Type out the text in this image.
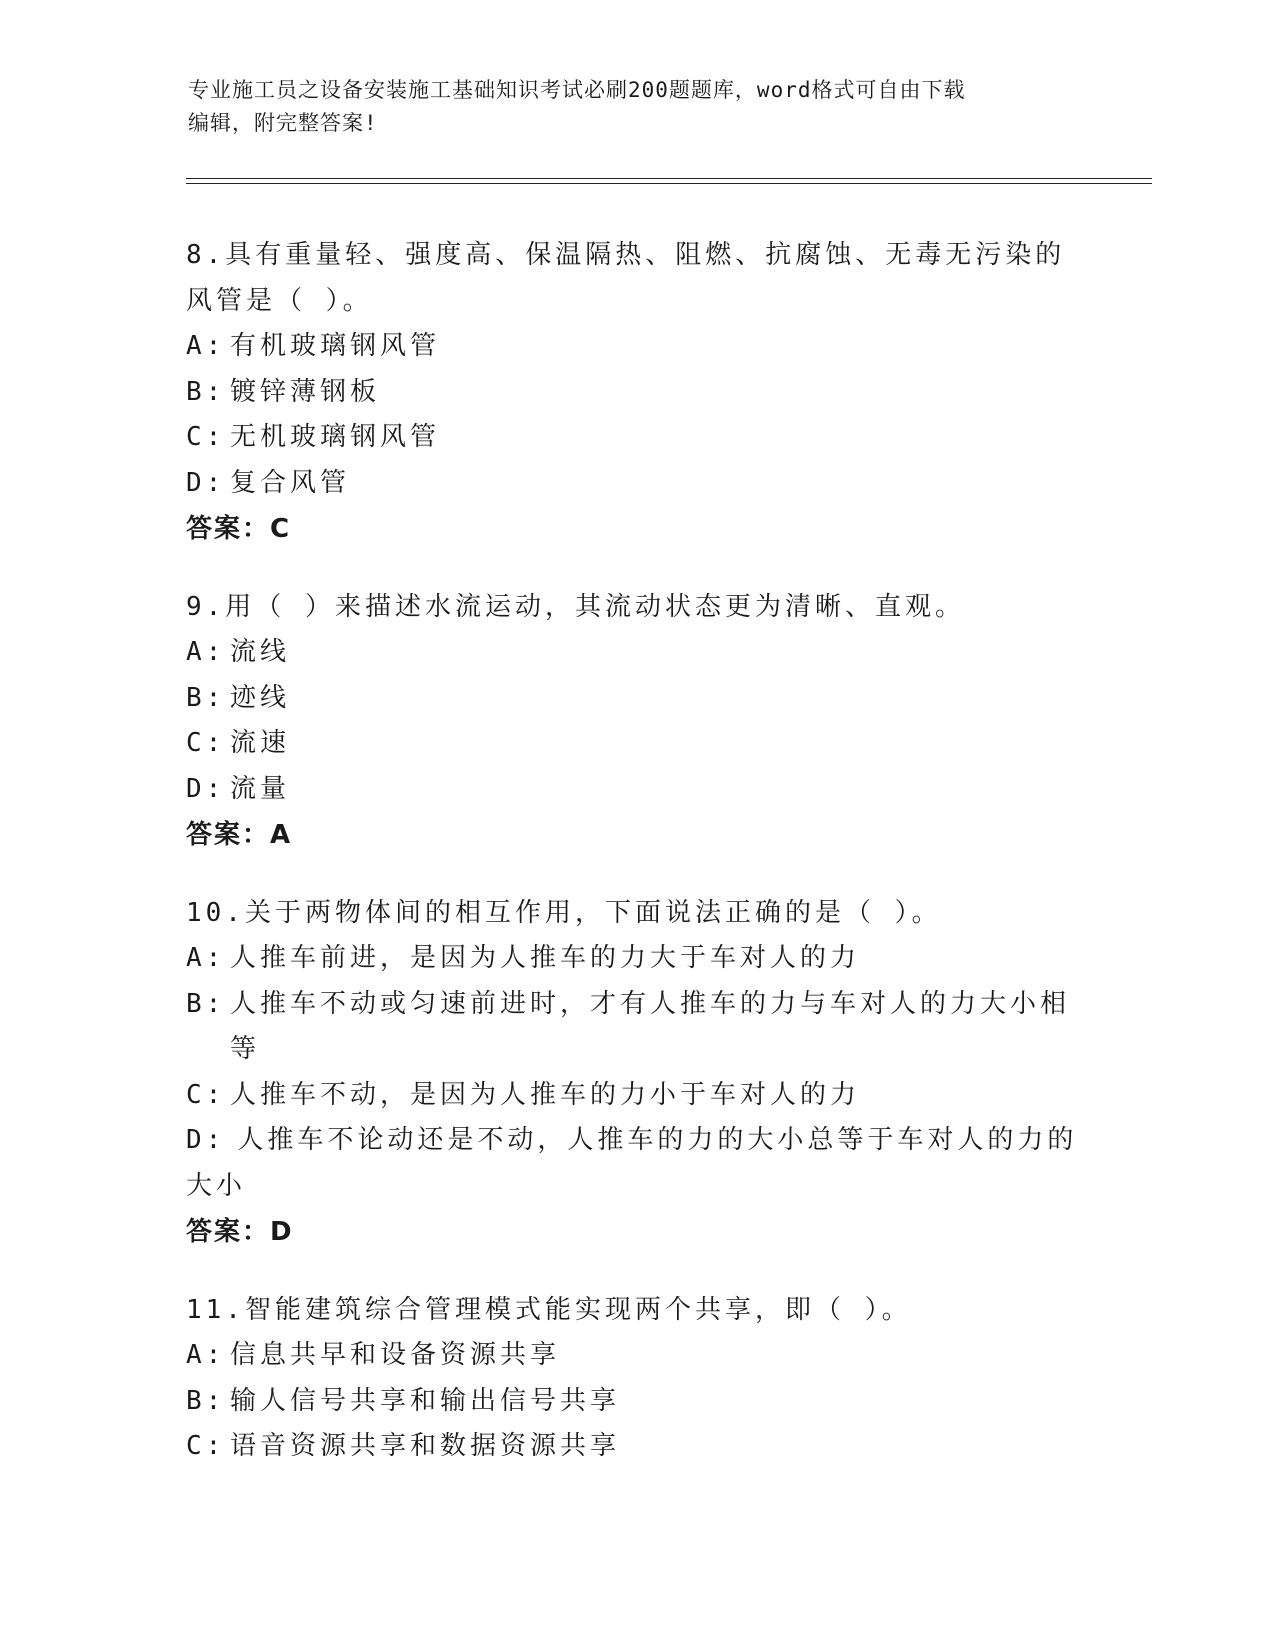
专业施工员之设备安装施工基础知识考试必刷200题题库，word格式可自由下载
编辑，附完整答案!

8.具有重量轻、强度高、保温隔热、阻燃、抗腐蚀、无毒无污染的风管是（ ）。

A: 有机玻璃钢风管

B: 镀锌薄钢板

C: 无机玻璃钢风管

D: 复合风管

答案：C

9.用（ ）来描述水流运动，其流动状态更为清晰、直观。

A: 流线

B: 迹线

C: 流速

D: 流量

答案：A

10.关于两物体间的相互作用，下面说法正确的是（ ）。

A: 人推车前进，是因为人推车的力大于车对人的力

B: 人推车不动或匀速前进时，才有人推车的力与车对人的力大小相等

C: 人推车不动，是因为人推车的力小于车对人的力

D: 人推车不论动还是不动，人推车的力的大小总等于车对人的力的大小

答案：D

11.智能建筑综合管理模式能实现两个共享，即（ ）。

A: 信息共早和设备资源共享

B: 输人信号共享和输出信号共享

C: 语音资源共享和数据资源共享
